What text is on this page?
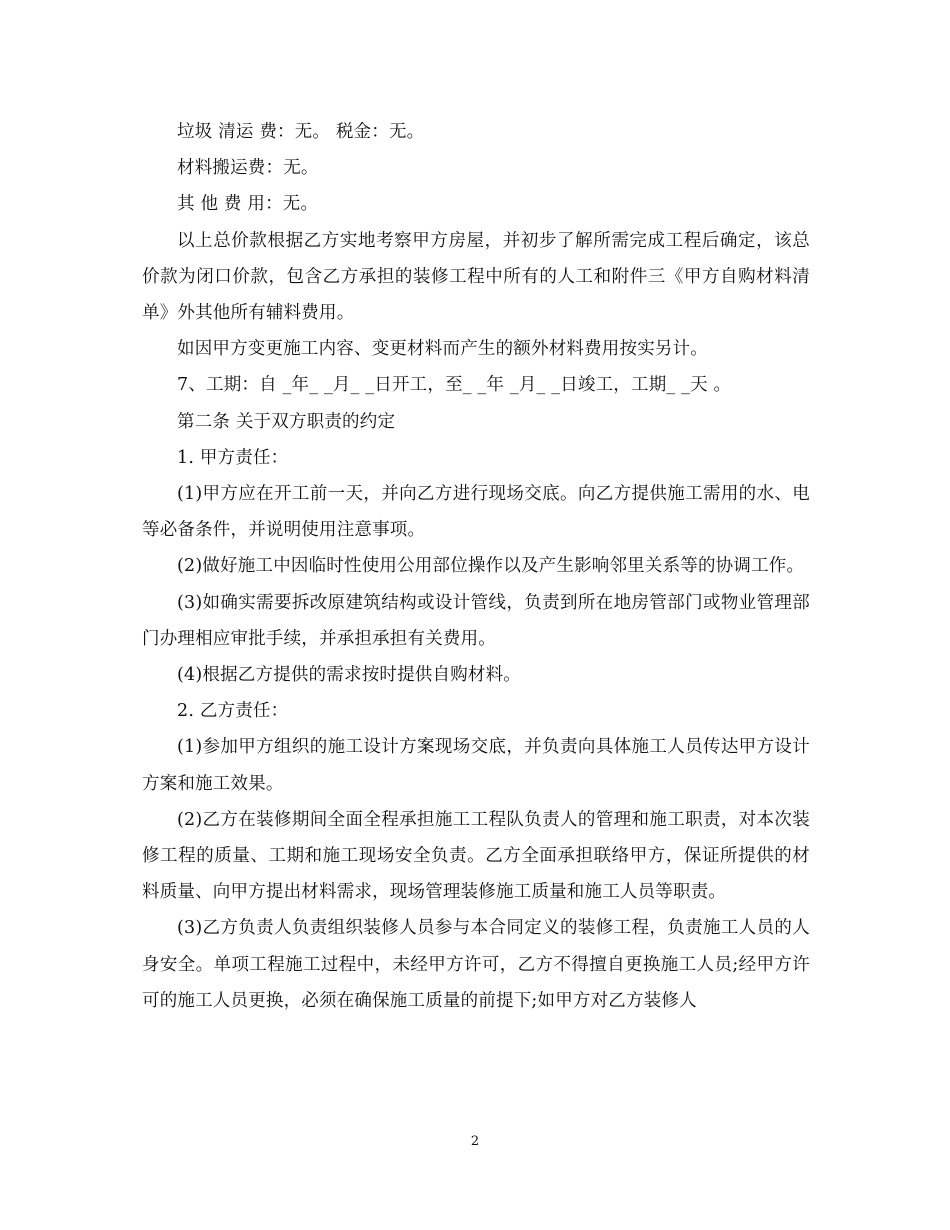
垃圾 清运 费：无。 税金：无。

材料搬运费：无。

其 他 费 用：无。

以上总价款根据乙方实地考察甲方房屋，并初步了解所需完成工程后确定，该总价款为闭口价款，包含乙方承担的装修工程中所有的人工和附件三《甲方自购材料清单》外其他所有辅料费用。

如因甲方变更施工内容、变更材料而产生的额外材料费用按实另计。

7、工期：自 _年_ _月_ _日开工，至_ _年 _月_ _日竣工，工期_ _天 。

第二条 关于双方职责的约定

1. 甲方责任：

(1)甲方应在开工前一天，并向乙方进行现场交底。向乙方提供施工需用的水、电等必备条件，并说明使用注意事项。

(2)做好施工中因临时性使用公用部位操作以及产生影响邻里关系等的协调工作。

(3)如确实需要拆改原建筑结构或设计管线，负责到所在地房管部门或物业管理部门办理相应审批手续，并承担承担有关费用。

(4)根据乙方提供的需求按时提供自购材料。

2. 乙方责任：

(1)参加甲方组织的施工设计方案现场交底，并负责向具体施工人员传达甲方设计方案和施工效果。

(2)乙方在装修期间全面全程承担施工工程队负责人的管理和施工职责，对本次装修工程的质量、工期和施工现场安全负责。乙方全面承担联络甲方，保证所提供的材料质量、向甲方提出材料需求，现场管理装修施工质量和施工人员等职责。

(3)乙方负责人负责组织装修人员参与本合同定义的装修工程，负责施工人员的人身安全。单项工程施工过程中，未经甲方许可，乙方不得擅自更换施工人员;经甲方许可的施工人员更换，必须在确保施工质量的前提下;如甲方对乙方装修人

2
